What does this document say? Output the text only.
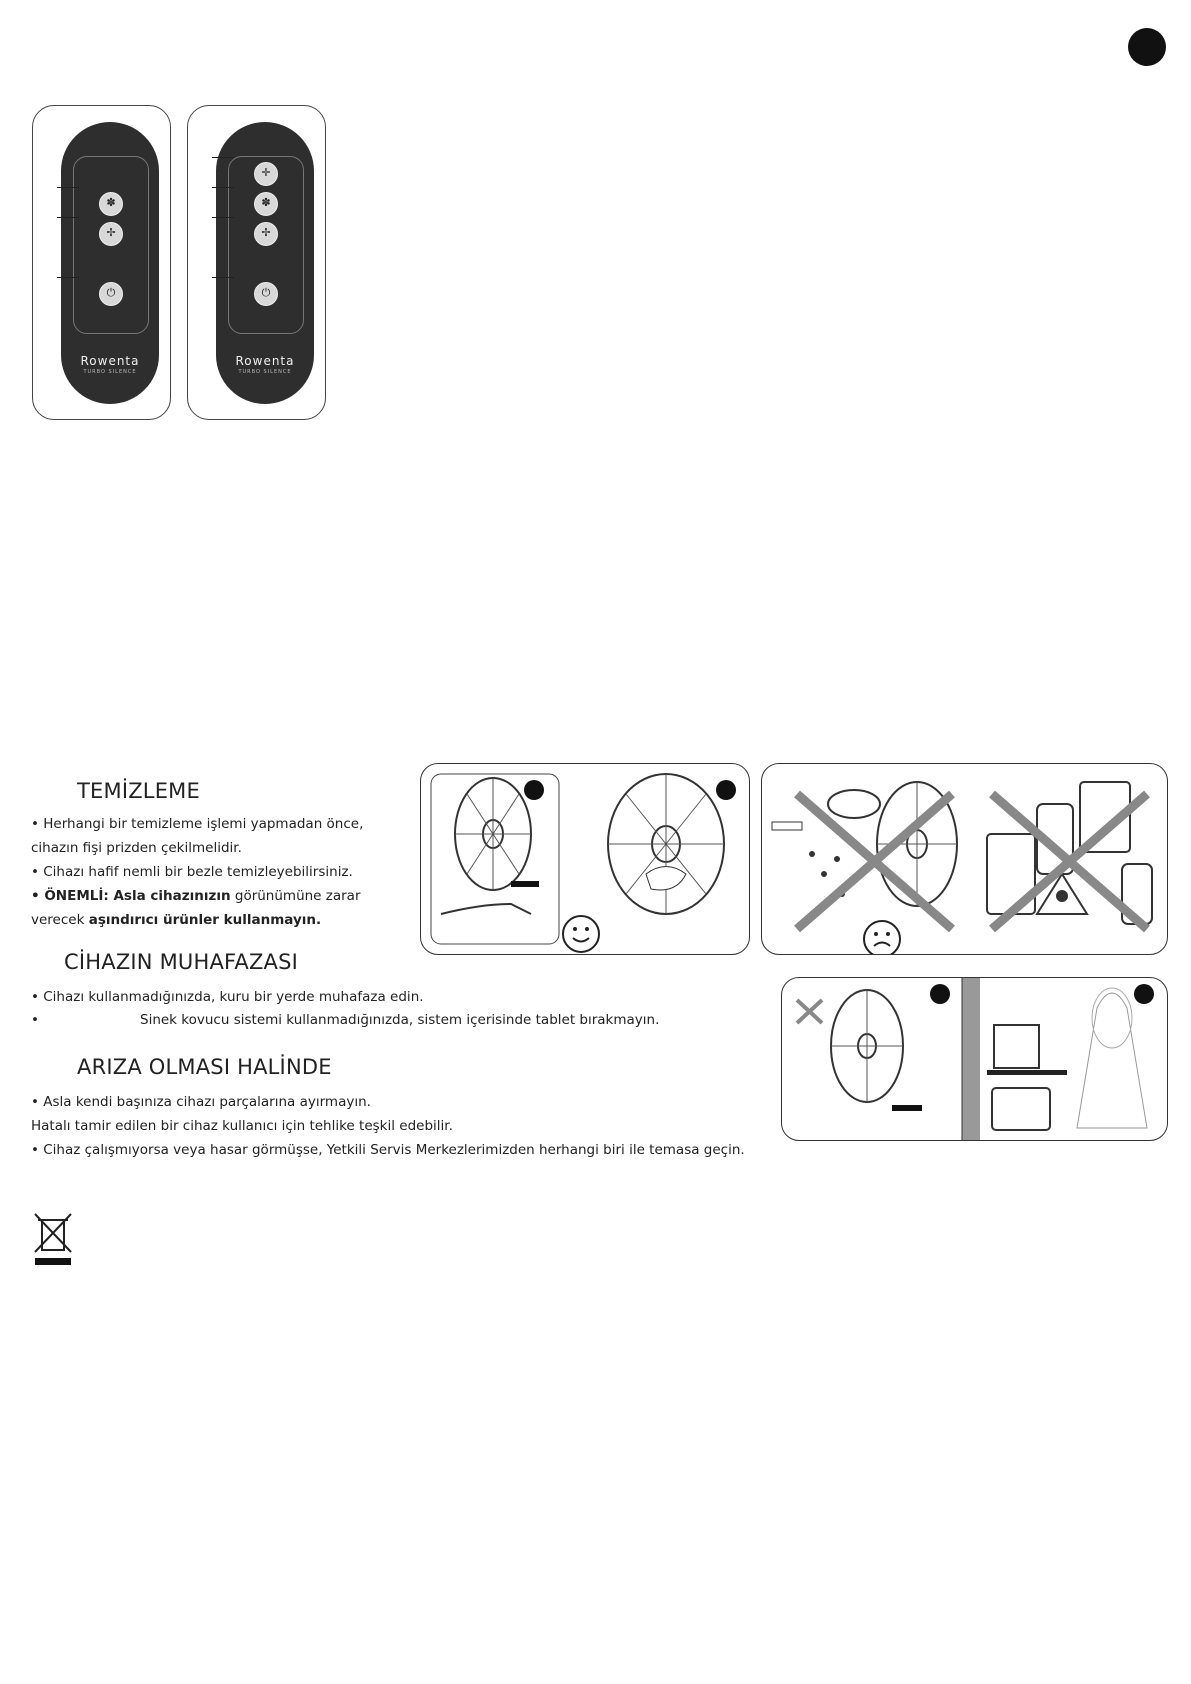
✽
✢
⏻
Rowenta
TURBO SILENCE
✛
✽
✢
⏻
Rowenta
TURBO SILENCE
TEMİZLEME
• Herhangi bir temizleme işlemi yapmadan önce,
cihazın fişi prizden çekilmelidir.
• Cihazı hafif nemli bir bezle temizleyebilirsiniz.
• ÖNEMLİ: Asla cihazınızın görünümüne zarar
verecek aşındırıcı ürünler kullanmayın.
CİHAZIN MUHAFAZASI
• Cihazı kullanmadığınızda, kuru bir yerde muhafaza edin.
•	Sinek kovucu sistemi kullanmadığınızda, sistem içerisinde tablet bırakmayın.
ARIZA OLMASI HALİNDE
• Asla kendi başınıza cihazı parçalarına ayırmayın.
Hatalı tamir edilen bir cihaz kullanıcı için tehlike teşkil edebilir.
• Cihaz çalışmıyorsa veya hasar görmüşse, Yetkili Servis Merkezlerimizden herhangi biri ile temasa geçin.
